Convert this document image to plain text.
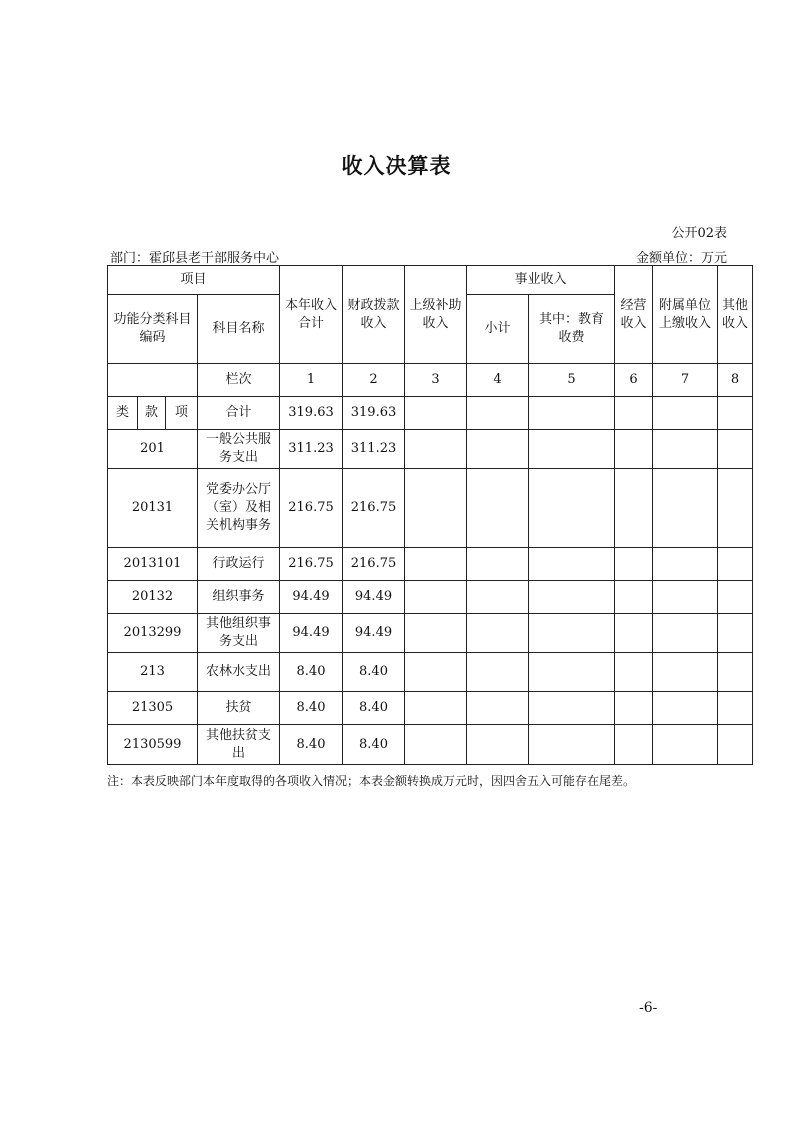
收入决算表
公开02表
部门：霍邱县老干部服务中心	金额单位：万元
项目				本年收入合计	财政拨款收入	上级补助收入	事业收入		经营收入	附属单位上缴收入	其他收入
功能分类科目编码			科目名称				小计	其中：教育收费			
			栏次	1	2	3	4	5	6	7	8
类	款	项	合计	319.63	319.63						
201			一般公共服务支出	311.23	311.23						
20131			党委办公厅（室）及相关机构事务	216.75	216.75						
2013101			行政运行	216.75	216.75						
20132			组织事务	94.49	94.49						
2013299			其他组织事务支出	94.49	94.49						
213			农林水支出	8.40	8.40						
21305			扶贫	8.40	8.40						
2130599			其他扶贫支出	8.40	8.40						
注：本表反映部门本年度取得的各项收入情况；本表金额转换成万元时，因四舍五入可能存在尾差。
-6-
